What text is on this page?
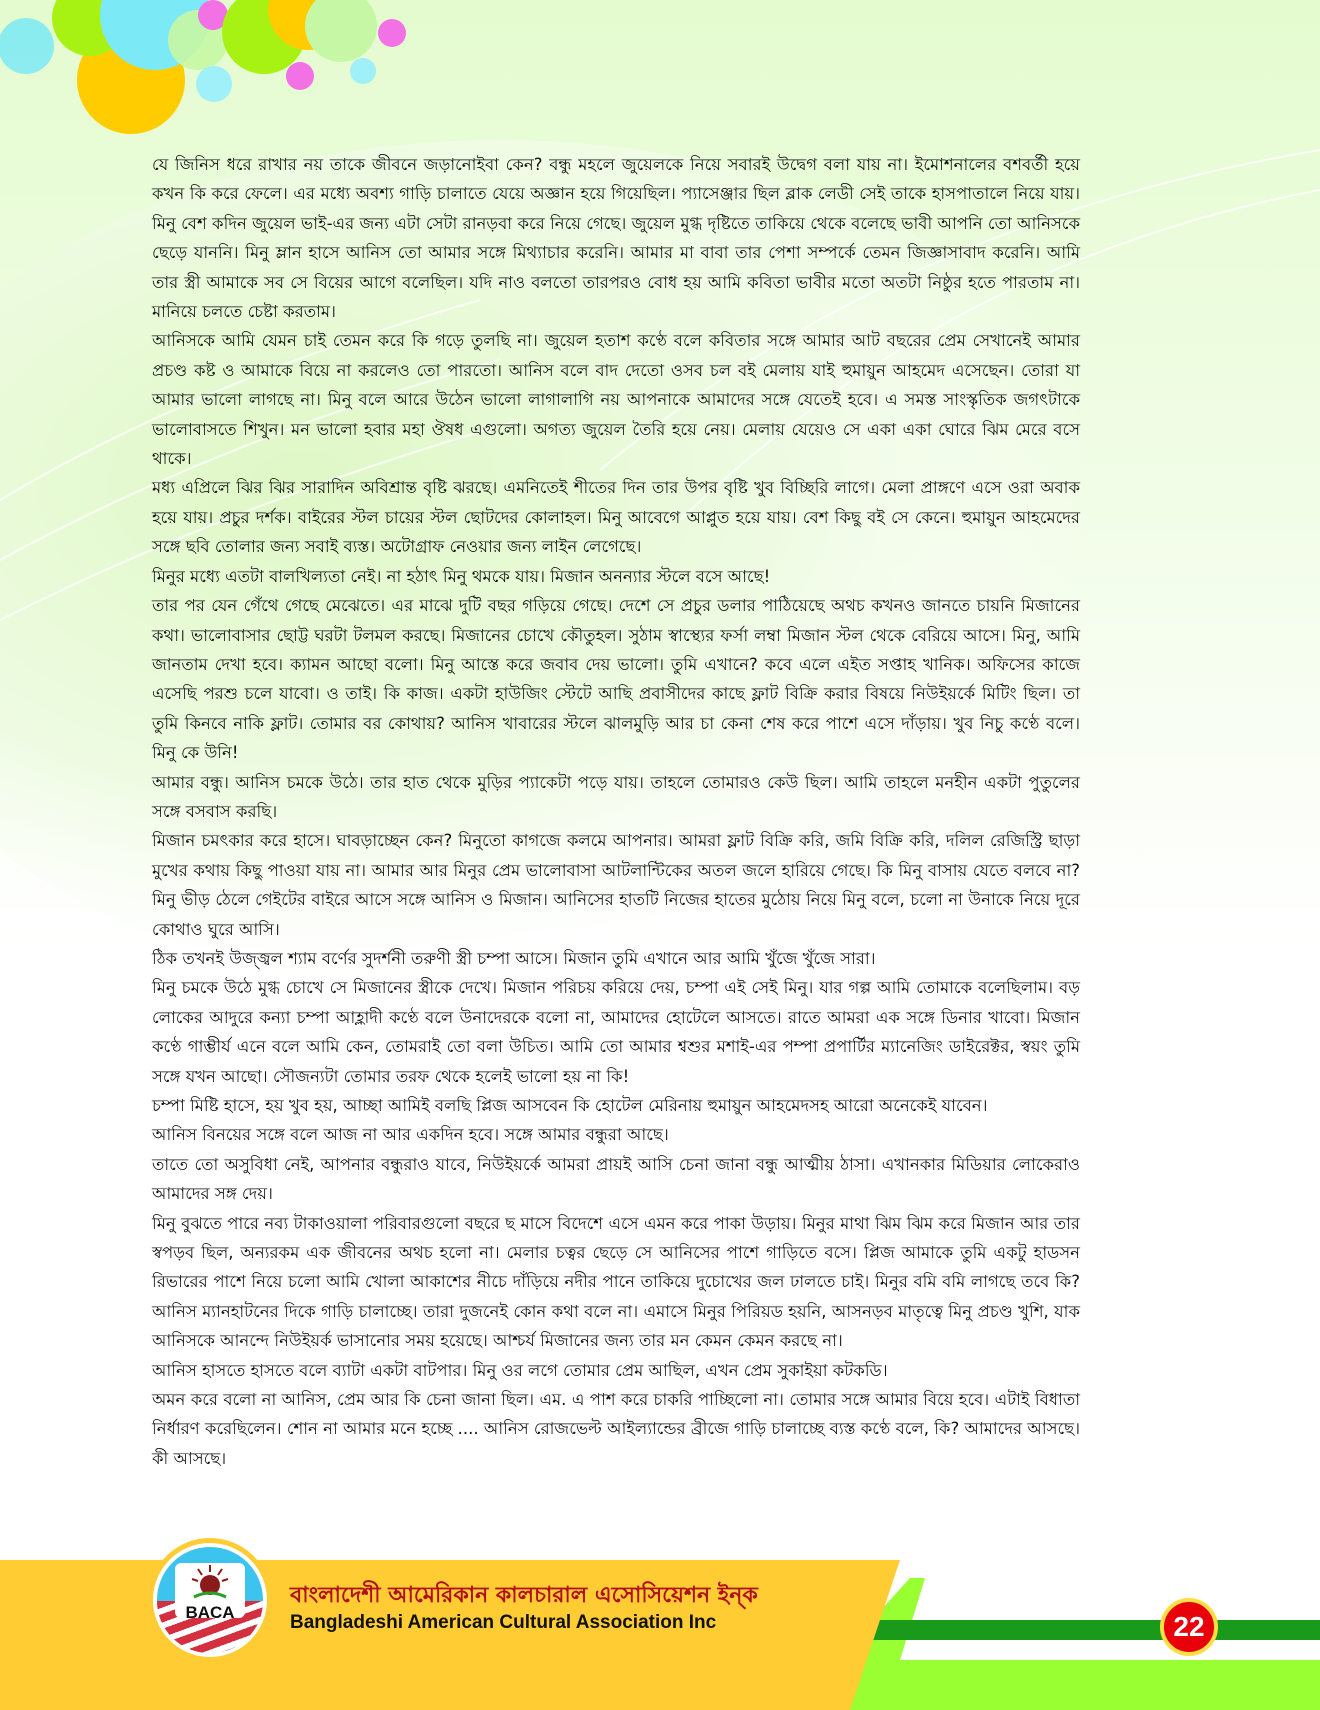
যে জিনিস ধরে রাখার নয় তাকে জীবনে জড়ানোইবা কেন? বন্ধু মহলে জুয়েলকে নিয়ে সবারই উদ্বেগ বলা যায় না। ইমোশনালের বশবর্তী হয়ে কখন কি করে ফেলে। এর মধ্যে অবশ্য গাড়ি চালাতে যেয়ে অজ্ঞান হয়ে গিয়েছিল। প্যাসেঞ্জার ছিল ব্লাক লেডী সেই তাকে হাসপাতালে নিয়ে যায়। মিনু বেশ কদিন জুয়েল ভাই-এর জন্য এটা সেটা রানড়বা করে নিয়ে গেছে। জুয়েল মুগ্ধ দৃষ্টিতে তাকিয়ে থেকে বলেছে ভাবী আপনি তো আনিসকে ছেড়ে যাননি। মিনু ম্লান হাসে আনিস তো আমার সঙ্গে মিথ্যাচার করেনি। আমার মা বাবা তার পেশা সম্পর্কে তেমন জিজ্ঞাসাবাদ করেনি। আমি তার স্ত্রী আমাকে সব সে বিয়ের আগে বলেছিল। যদি নাও বলতো তারপরও বোধ হয় আমি কবিতা ভাবীর মতো অতটা নিষ্ঠুর হতে পারতাম না। মানিয়ে চলতে চেষ্টা করতাম।

আনিসকে আমি যেমন চাই তেমন করে কি গড়ে তুলছি না। জুয়েল হতাশ কণ্ঠে বলে কবিতার সঙ্গে আমার আট বছরের প্রেম সেখানেই আমার প্রচণ্ড কষ্ট ও আমাকে বিয়ে না করলেও তো পারতো। আনিস বলে বাদ দেতো ওসব চল বই মেলায় যাই হুমায়ুন আহমেদ এসেছেন। তোরা যা আমার ভালো লাগছে না। মিনু বলে আরে উঠেন ভালো লাগালাগি নয় আপনাকে আমাদের সঙ্গে যেতেই হবে। এ সমস্ত সাংস্কৃতিক জগৎটাকে ভালোবাসতে শিখুন। মন ভালো হবার মহা ঔষধ এগুলো। অগত্য জুয়েল তৈরি হয়ে নেয়। মেলায় যেয়েও সে একা একা ঘোরে ঝিম মেরে বসে থাকে।

মধ্য এপ্রিলে ঝির ঝির সারাদিন অবিশ্রান্ত বৃষ্টি ঝরছে। এমনিতেই শীতের দিন তার উপর বৃষ্টি খুব বিচ্ছিরি লাগে। মেলা প্রাঙ্গণে এসে ওরা অবাক হয়ে যায়। প্রচুর দর্শক। বাইরের স্টল চায়ের স্টল ছোটদের কোলাহল। মিনু আবেগে আপ্লুত হয়ে যায়। বেশ কিছু বই সে কেনে। হুমায়ুন আহমেদের সঙ্গে ছবি তোলার জন্য সবাই ব্যস্ত। অটোগ্রাফ নেওয়ার জন্য লাইন লেগেছে।

মিনুর মধ্যে এতটা বালখিল্যতা নেই। না হঠাৎ মিনু থমকে যায়। মিজান অনন্যার স্টলে বসে আছে!

তার পর যেন গেঁথে গেছে মেঝেতে। এর মাঝে দুটি বছর গড়িয়ে গেছে। দেশে সে প্রচুর ডলার পাঠিয়েছে অথচ কখনও জানতে চায়নি মিজানের কথা। ভালোবাসার ছোট্ট ঘরটা টলমল করছে। মিজানের চোখে কৌতুহল। সুঠাম স্বাস্থ্যের ফর্সা লম্বা মিজান স্টল থেকে বেরিয়ে আসে। মিনু, আমি জানতাম দেখা হবে। ক্যামন আছো বলো। মিনু আস্তে করে জবাব দেয় ভালো। তুমি এখানে? কবে এলে এইত সপ্তাহ খানিক। অফিসের কাজে এসেছি পরশু চলে যাবো। ও তাই। কি কাজ। একটা হাউজিং স্টেটে আছি প্রবাসীদের কাছে ফ্লাট বিক্রি করার বিষয়ে নিউইয়র্কে মিটিং ছিল। তা তুমি কিনবে নাকি ফ্লাট। তোমার বর কোথায়? আনিস খাবারের স্টলে ঝালমুড়ি আর চা কেনা শেষ করে পাশে এসে দাঁড়ায়। খুব নিচু কণ্ঠে বলে। মিনু কে উনি!

আমার বন্ধু। আনিস চমকে উঠে। তার হাত থেকে মুড়ির প্যাকেটা পড়ে যায়। তাহলে তোমারও কেউ ছিল। আমি তাহলে মনহীন একটা পুতুলের সঙ্গে বসবাস করছি।

মিজান চমৎকার করে হাসে। ঘাবড়াচ্ছেন কেন? মিনুতো কাগজে কলমে আপনার। আমরা ফ্লাট বিক্রি করি, জমি বিক্রি করি, দলিল রেজিস্ট্রি ছাড়া মুখের কথায় কিছু পাওয়া যায় না। আমার আর মিনুর প্রেম ভালোবাসা আটলান্টিকের অতল জলে হারিয়ে গেছে। কি মিনু বাসায় যেতে বলবে না? মিনু ভীড় ঠেলে গেইটের বাইরে আসে সঙ্গে আনিস ও মিজান। আনিসের হাতটি নিজের হাতের মুঠোয় নিয়ে মিনু বলে, চলো না উনাকে নিয়ে দূরে কোথাও ঘুরে আসি।

ঠিক তখনই উজ্জ্বল শ্যাম বর্ণের সুদর্শনী তরুণী স্ত্রী চম্পা আসে। মিজান তুমি এখানে আর আমি খুঁজে খুঁজে সারা।

মিনু চমকে উঠে মুগ্ধ চোখে সে মিজানের স্ত্রীকে দেখে। মিজান পরিচয় করিয়ে দেয়, চম্পা এই সেই মিনু। যার গল্প আমি তোমাকে বলেছিলাম। বড় লোকের আদুরে কন্যা চম্পা আহ্লাদী কণ্ঠে বলে উনাদেরকে বলো না, আমাদের হোটেলে আসতে। রাতে আমরা এক সঙ্গে ডিনার খাবো। মিজান কণ্ঠে গাম্ভীর্য এনে বলে আমি কেন, তোমরাই তো বলা উচিত। আমি তো আমার শ্বশুর মশাই-এর পম্পা প্রপার্টির ম্যানেজিং ডাইরেক্টর, স্বয়ং তুমি সঙ্গে যখন আছো। সৌজন্যটা তোমার তরফ থেকে হলেই ভালো হয় না কি!

চম্পা মিষ্টি হাসে, হয় খুব হয়, আচ্ছা আমিই বলছি প্লিজ আসবেন কি হোটেল মেরিনায় হুমায়ুন আহমেদসহ আরো অনেকেই যাবেন।

আনিস বিনয়ের সঙ্গে বলে আজ না আর একদিন হবে। সঙ্গে আমার বন্ধুরা আছে।

তাতে তো অসুবিধা নেই, আপনার বন্ধুরাও যাবে, নিউইয়র্কে আমরা প্রায়ই আসি চেনা জানা বন্ধু আত্মীয় ঠাসা। এখানকার মিডিয়ার লোকেরাও আমাদের সঙ্গ দেয়।

মিনু বুঝতে পারে নব্য টাকাওয়ালা পরিবারগুলো বছরে ছ মাসে বিদেশে এসে এমন করে পাকা উড়ায়। মিনুর মাথা ঝিম ঝিম করে মিজান আর তার স্বপড়ব ছিল, অন্যরকম এক জীবনের অথচ হলো না। মেলার চত্বর ছেড়ে সে আনিসের পাশে গাড়িতে বসে। প্লিজ আমাকে তুমি একটু হাডসন রিভারের পাশে নিয়ে চলো আমি খোলা আকাশের নীচে দাঁড়িয়ে নদীর পানে তাকিয়ে দুচোখের জল ঢালতে চাই। মিনুর বমি বমি লাগছে তবে কি? আনিস ম্যানহাটনের দিকে গাড়ি চালাচ্ছে। তারা দুজনেই কোন কথা বলে না। এমাসে মিনুর পিরিয়ড হয়নি, আসনড়ব মাতৃত্বে মিনু প্রচণ্ড খুশি, যাক আনিসকে আনন্দে নিউইয়র্ক ভাসানোর সময় হয়েছে। আশ্চর্য মিজানের জন্য তার মন কেমন কেমন করছে না।

আনিস হাসতে হাসতে বলে ব্যাটা একটা বাটপার। মিনু ওর লগে তোমার প্রেম আছিল, এখন প্রেম সুকাইয়া কটকডি।

অমন করে বলো না আনিস, প্রেম আর কি চেনা জানা ছিল। এম. এ পাশ করে চাকরি পাচ্ছিলো না। তোমার সঙ্গে আমার বিয়ে হবে। এটাই বিধাতা নির্ধারণ করেছিলেন। শোন না আমার মনে হচ্ছে .... আনিস রোজভেল্ট আইল্যান্ডের ব্রীজে গাড়ি চালাচ্ছে ব্যস্ত কণ্ঠে বলে, কি? আমাদের আসছে। কী আসছে।

BACA
বাংলাদেশী আমেরিকান কালচারাল এসোসিয়েশন ইন্‌ক
Bangladeshi American Cultural Association Inc	22
